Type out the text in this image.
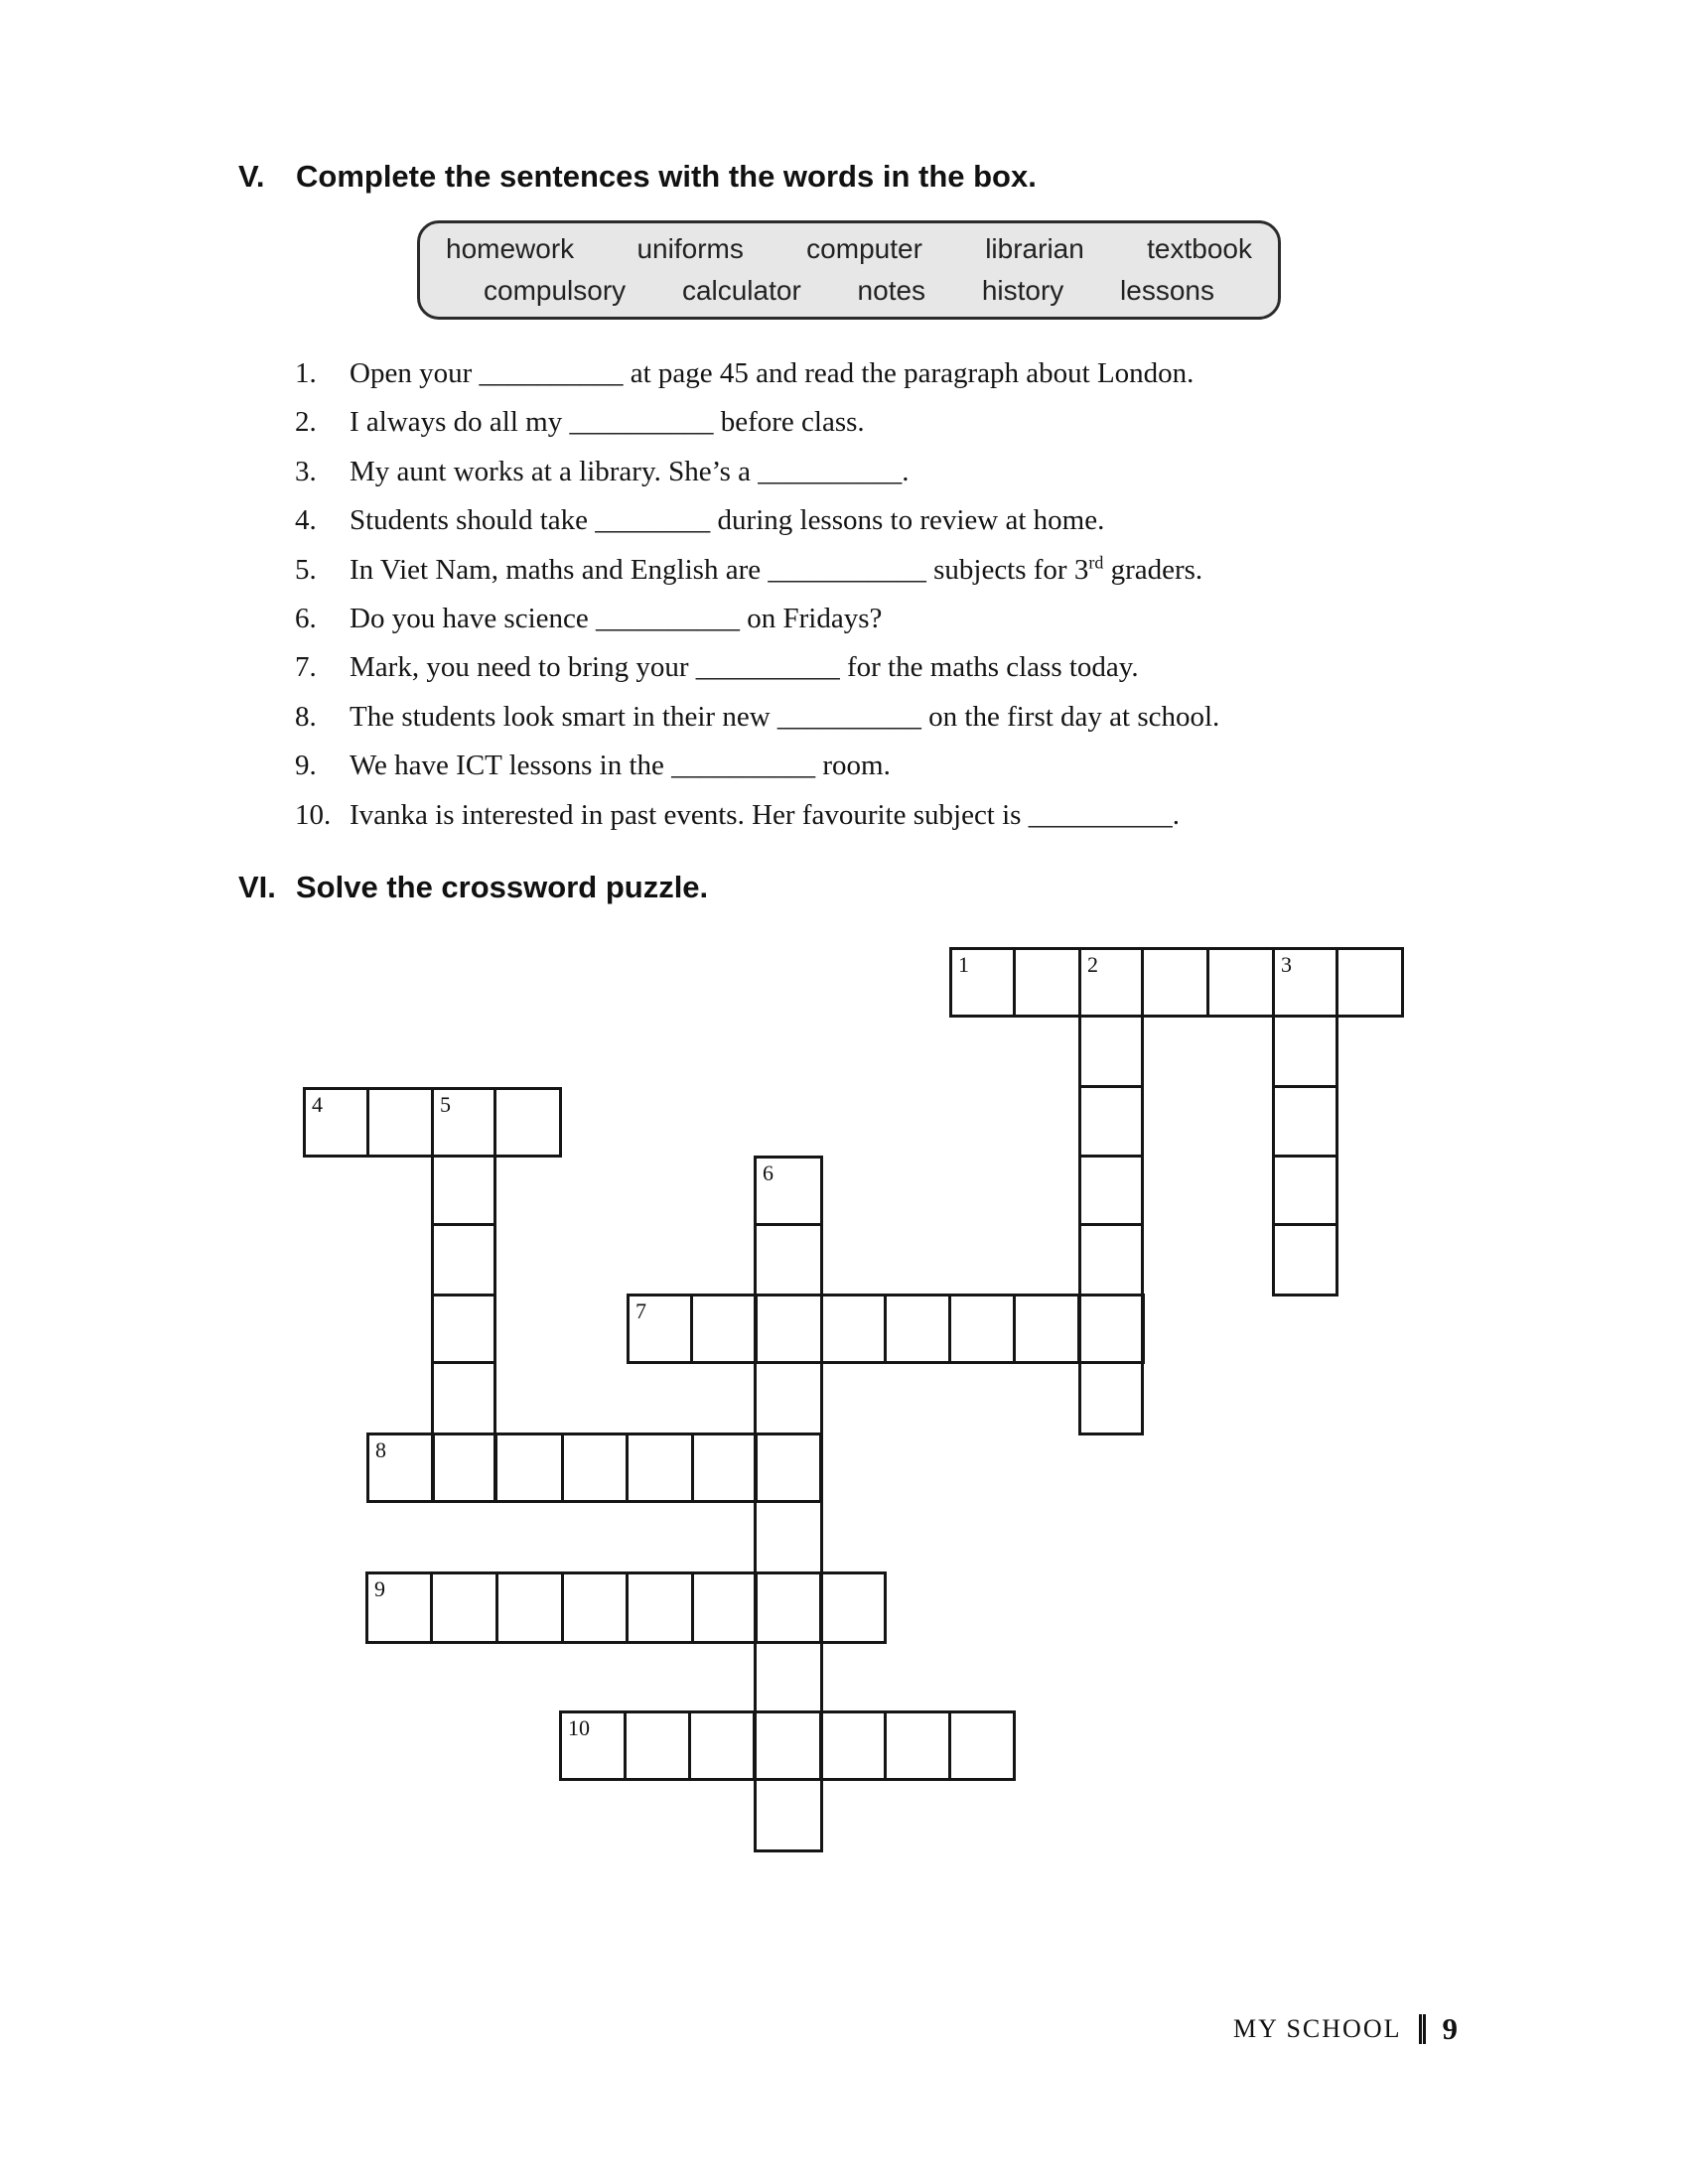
V.	Complete the sentences with the words in the box.
homework uniforms computer librarian textbook
compulsory calculator notes history lessons
1.	Open your __________ at page 45 and read the paragraph about London.
2.	I always do all my __________ before class.
3.	My aunt works at a library. She’s a __________.
4.	Students should take ________ during lessons to review at home.
5.	In Viet Nam, maths and English are ___________ subjects for 3rd graders.
6.	Do you have science __________ on Fridays?
7.	Mark, you need to bring your __________ for the maths class today.
8.	The students look smart in their new __________ on the first day at school.
9.	We have ICT lessons in the __________ room.
10. Ivanka is interested in past events. Her favourite subject is __________.
VI. Solve the crossword puzzle.
1	2	3
4	5
7
8
9
10
6
MY SCHOOL 9
